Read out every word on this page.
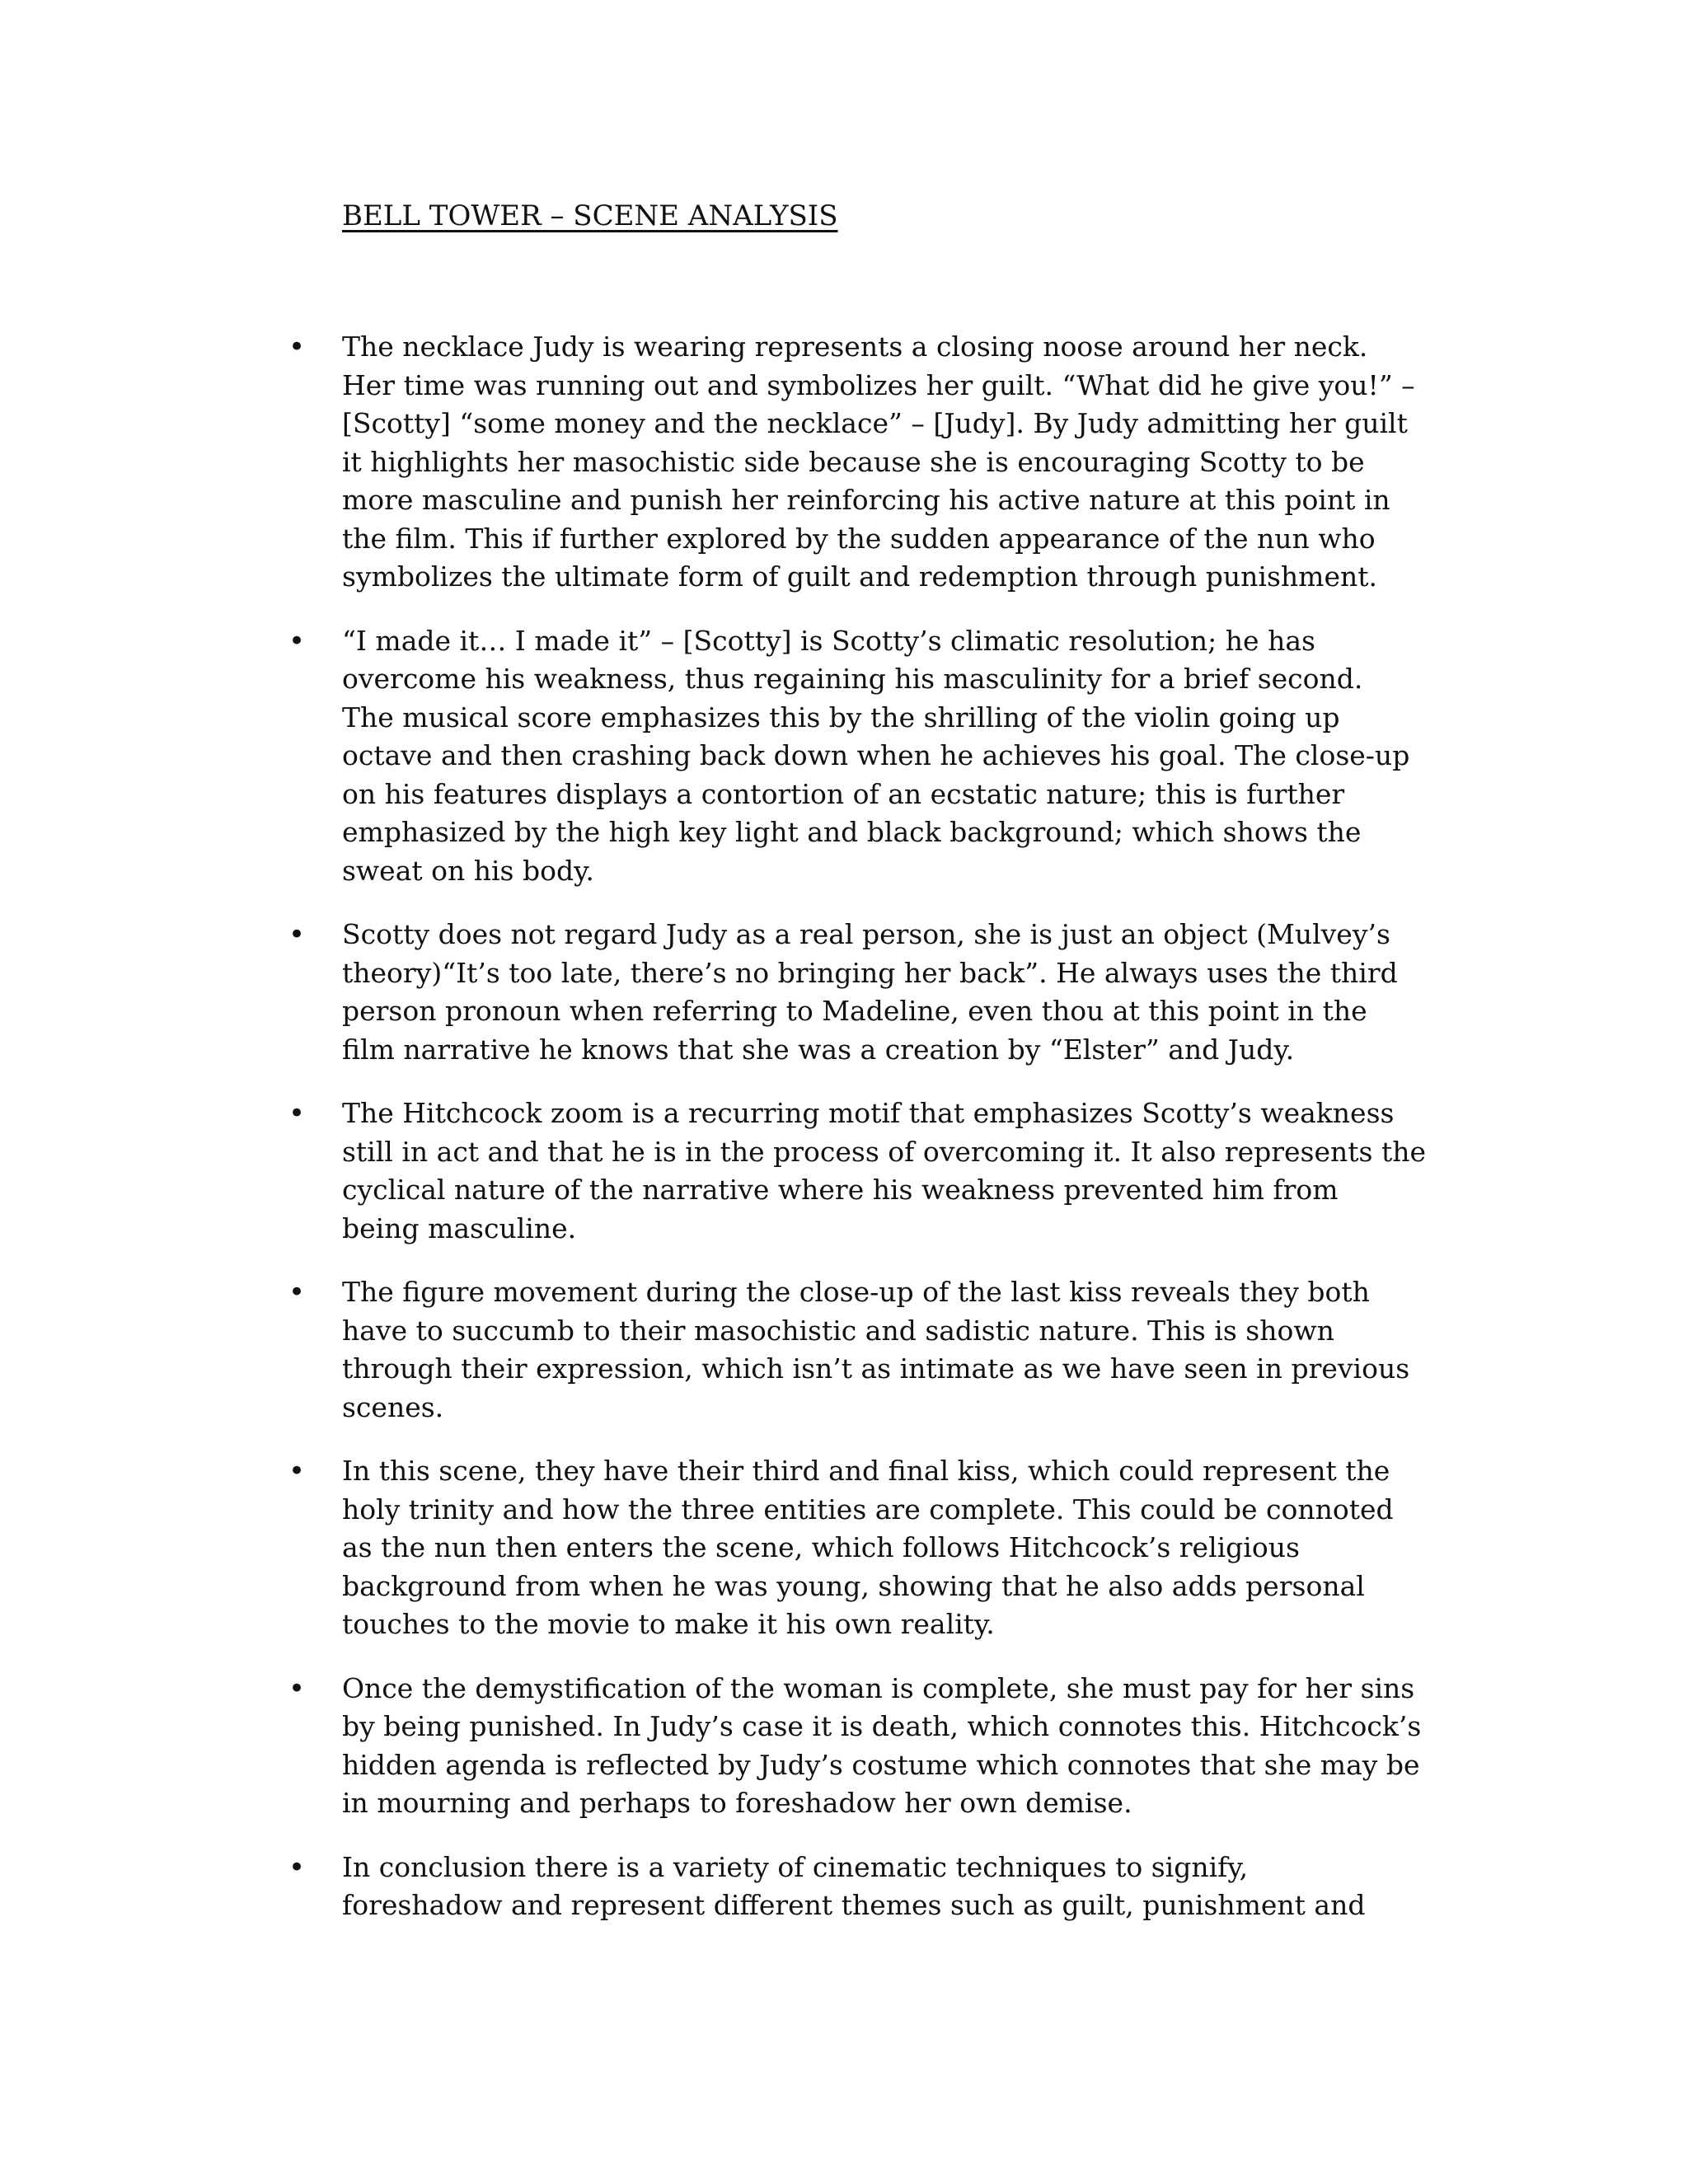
BELL TOWER – SCENE ANALYSIS
•	The necklace Judy is wearing represents a closing noose around her neck.
Her time was running out and symbolizes her guilt. “What did he give you!” –
[Scotty] “some money and the necklace” – [Judy]. By Judy admitting her guilt
it highlights her masochistic side because she is encouraging Scotty to be
more masculine and punish her reinforcing his active nature at this point in
the film. This if further explored by the sudden appearance of the nun who
symbolizes the ultimate form of guilt and redemption through punishment.
•	“I made it… I made it” – [Scotty] is Scotty’s climatic resolution; he has
overcome his weakness, thus regaining his masculinity for a brief second.
The musical score emphasizes this by the shrilling of the violin going up
octave and then crashing back down when he achieves his goal. The close-up
on his features displays a contortion of an ecstatic nature; this is further
emphasized by the high key light and black background; which shows the
sweat on his body.
•	Scotty does not regard Judy as a real person, she is just an object (Mulvey’s
theory)“It’s too late, there’s no bringing her back”. He always uses the third
person pronoun when referring to Madeline, even thou at this point in the
film narrative he knows that she was a creation by “Elster” and Judy.
•	The Hitchcock zoom is a recurring motif that emphasizes Scotty’s weakness
still in act and that he is in the process of overcoming it. It also represents the
cyclical nature of the narrative where his weakness prevented him from
being masculine.
•	The figure movement during the close-up of the last kiss reveals they both
have to succumb to their masochistic and sadistic nature. This is shown
through their expression, which isn’t as intimate as we have seen in previous
scenes.
•	In this scene, they have their third and final kiss, which could represent the
holy trinity and how the three entities are complete. This could be connoted
as the nun then enters the scene, which follows Hitchcock’s religious
background from when he was young, showing that he also adds personal
touches to the movie to make it his own reality.
•	Once the demystification of the woman is complete, she must pay for her sins
by being punished. In Judy’s case it is death, which connotes this. Hitchcock’s
hidden agenda is reflected by Judy’s costume which connotes that she may be
in mourning and perhaps to foreshadow her own demise.
•	In conclusion there is a variety of cinematic techniques to signify,
foreshadow and represent different themes such as guilt, punishment and
